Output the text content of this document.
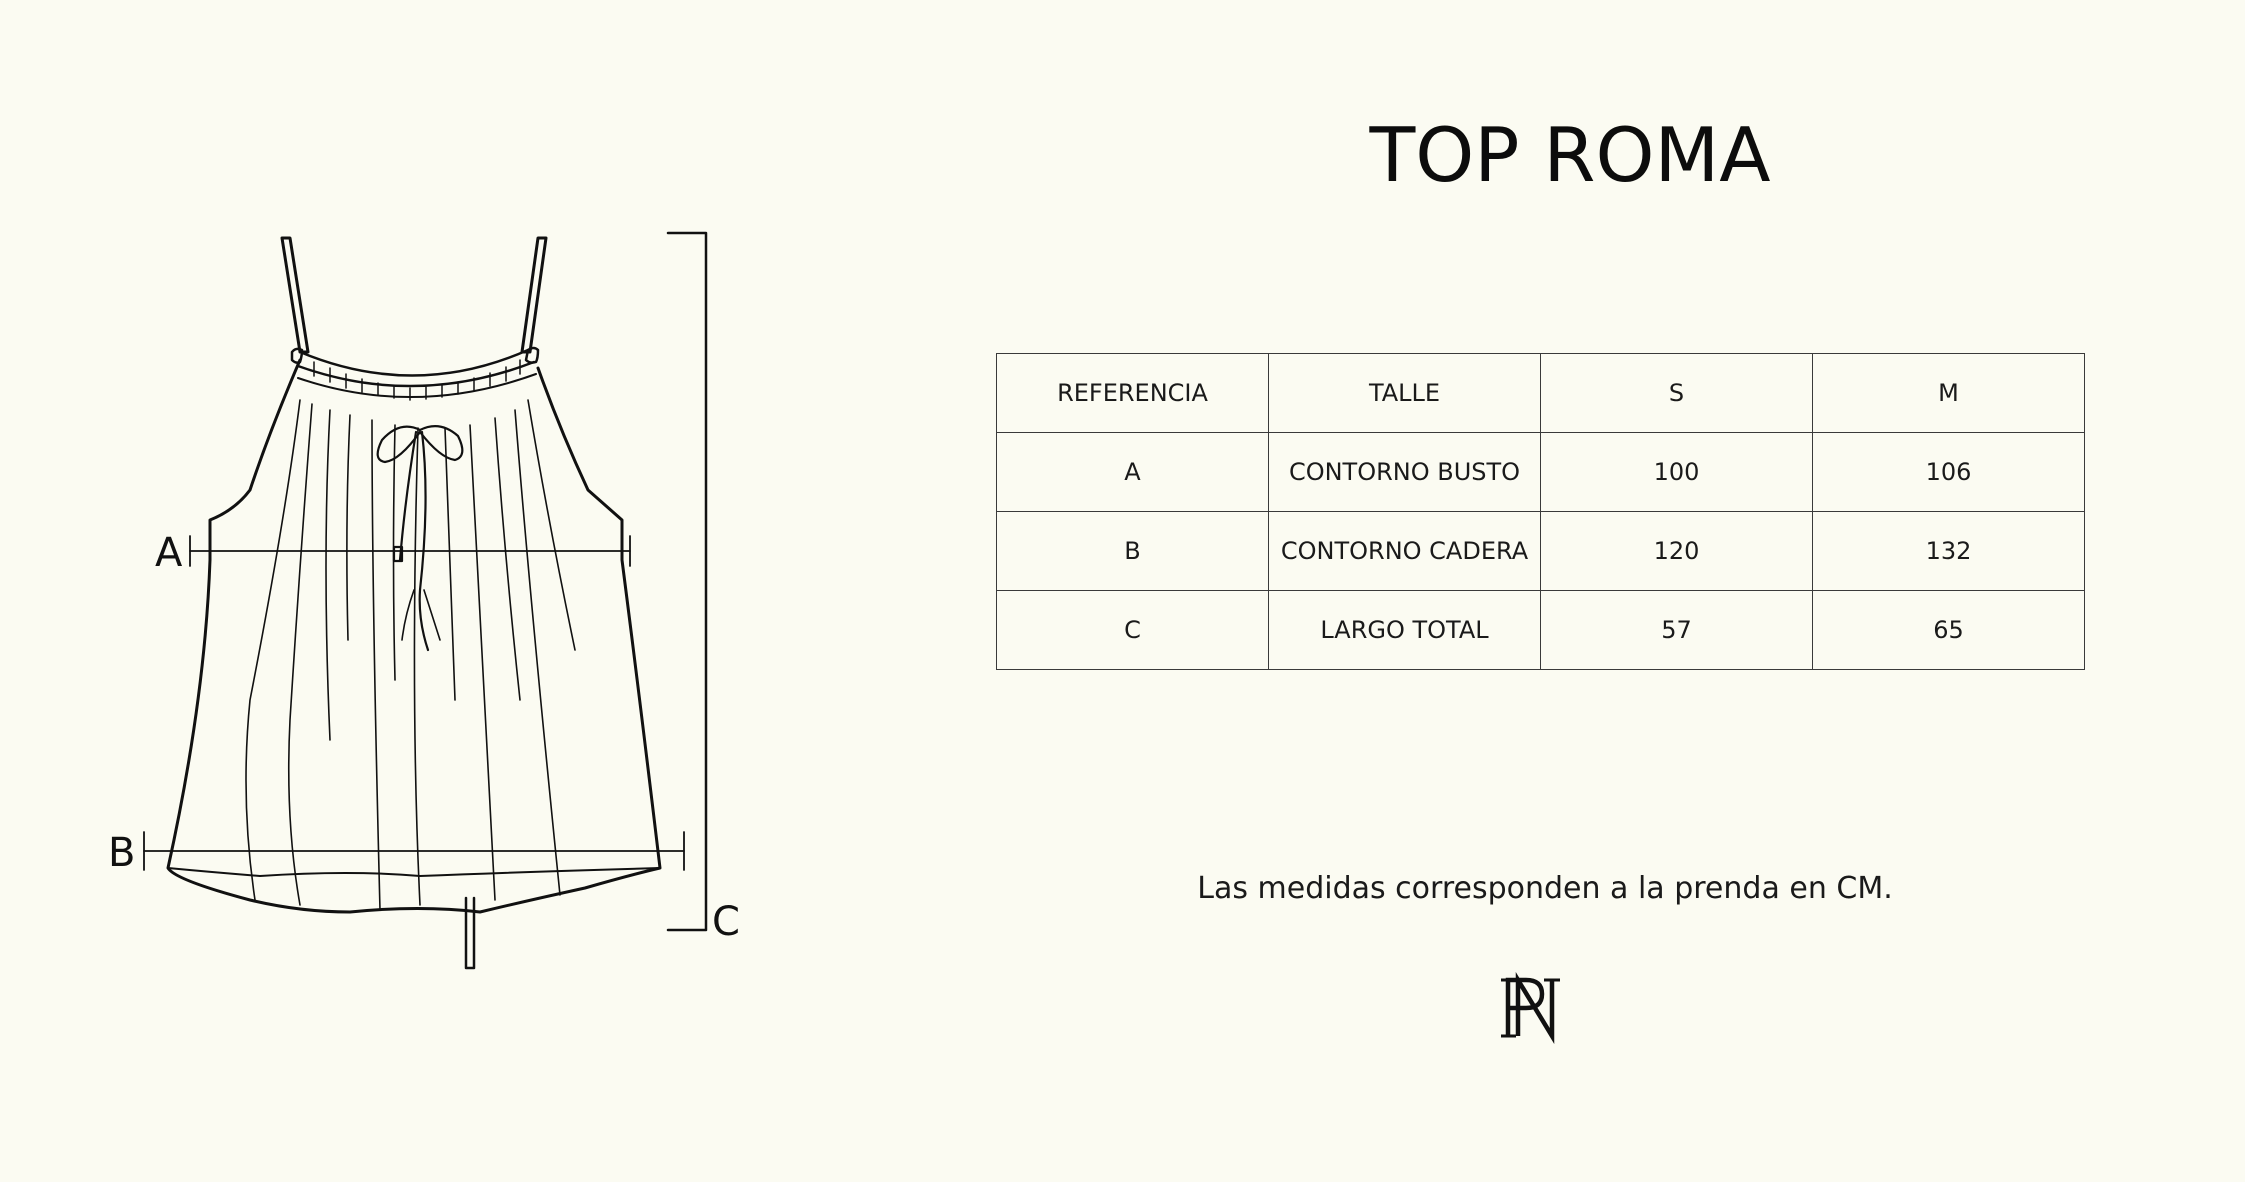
A
B
C
TOP ROMA
REFERENCIA	TALLE	S	M
A	CONTORNO BUSTO	100	106
B	CONTORNO CADERA	120	132
C	LARGO TOTAL	57	65
Las medidas corresponden a la prenda en CM.
